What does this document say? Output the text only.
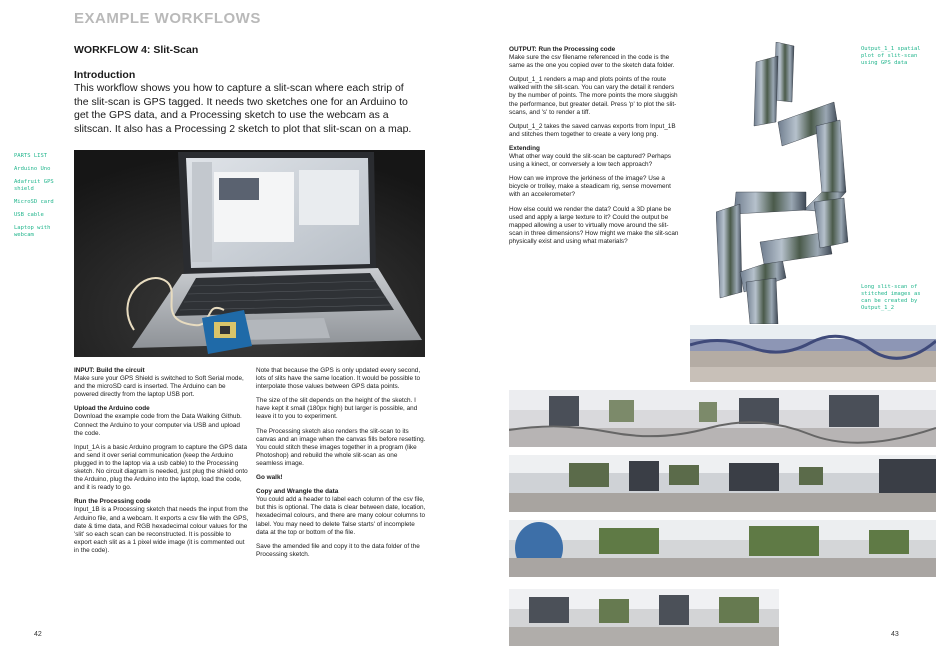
EXAMPLE WORKFLOWS
WORKFLOW 4: Slit-Scan
Introduction
This workflow shows you how to capture a slit-scan where each strip of the slit-scan is GPS tagged. It needs two sketches one for an Arduino to get the GPS data, and a Processing sketch to use the webcam as a slitscan. It also has a Processing 2 sketch to plot that slit-scan on a map.
PARTS LIST
Arduino Uno
Adafruit GPS shield
MicroSD card
USB cable
Laptop with webcam

INPUT: Build the circuit
Make sure your GPS Shield is switched to Soft Serial mode, and the microSD card is inserted. The Arduino can be powered directly from the laptop USB port.

Upload the Arduino code
Download the example code from the Data Walking Github. Connect the Arduino to your computer via USB and upload the code.

Input_1A is a basic Arduino program to capture the GPS data and send it over serial communication (keep the Arduino plugged in to the laptop via a usb cable) to the Processing sketch. No circuit diagram is needed, just plug the shield onto the Arduino, plug the Arduino into the laptop, load the code, and it is ready to go.

Run the Processing code
Input_1B is a Processing sketch that needs the input from the Arduino file, and a webcam. It exports a csv file with the GPS, date & time data, and RGB hexadecimal colour values for the 'slit' so each scan can be reconstructed. It is possible to export each slit as a 1 pixel wide image (it is commented out in the code).

Note that because the GPS is only updated every second, lots of slits have the same location. It would be possible to interpolate those values between GPS data points.

The size of the slit depends on the height of the sketch. I have kept it small (180px high) but larger is possible, and leave it to you to experiment.

The Processing sketch also renders the slit-scan to its canvas and an image when the canvas fills before resetting. You could stitch these images together in a program (like Photoshop) and rebuild the whole slit-scan as one seamless image.

Go walk!

Copy and Wrangle the data
You could add a header to label each column of the csv file, but this is optional. The data is clear between date, location, hexadecimal colours, and there are many colour columns to label. You may need to delete 'false starts' of incomplete data at the top or bottom of the file.

Save the amended file and copy it to the data folder of the Processing sketch.

42

OUTPUT: Run the Processing code
Make sure the csv filename referenced in the code is the same as the one you copied over to the sketch data folder.

Output_1_1 renders a map and plots points of the route walked with the slit-scan. You can vary the detail it renders by the number of points. The more points the more sluggish the performance, but greater detail. Press 'p' to plot the slit-scans, and 's' to render a tiff.

Output_1_2 takes the saved canvas exports from Input_1B and stitches them together to create a very long png.

Extending
What other way could the slit-scan be captured? Perhaps using a kinect, or conversely a low tech approach?

How can we improve the jerkiness of the image? Use a bicycle or trolley, make a steadicam rig, sense movement with an accelerometer?

How else could we render the data? Could a 3D plane be used and apply a large texture to it? Could the output be mapped allowing a user to virtually move around the slit-scan in three dimensions? How might we make the slit-scan physically exist and using what materials?

Output_1_1 spatial plot of slit-scan using GPS data
Long slit-scan of stitched images as can be created by Output_1_2
43
